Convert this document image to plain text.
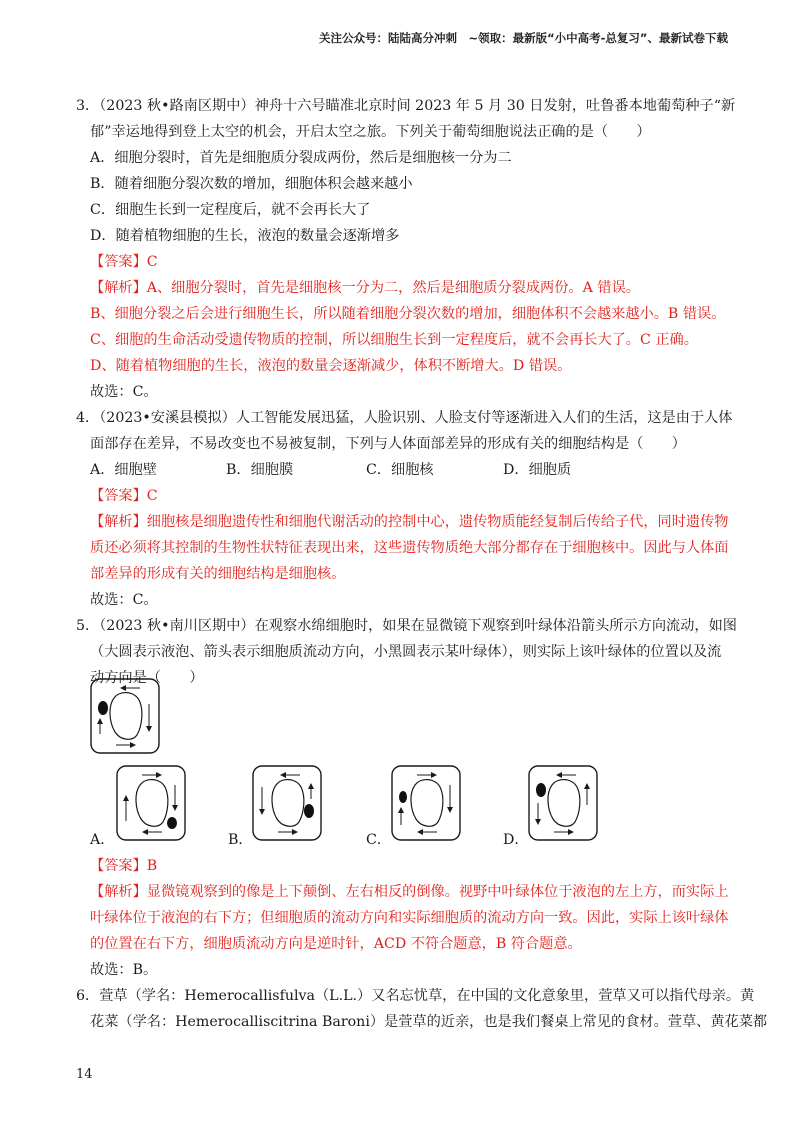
关注公众号：陆陆高分冲刺　~领取：最新版“小中高考-总复习”、最新试卷下载
3．（2023 秋•路南区期中）神舟十六号瞄准北京时间 2023 年 5 月 30 日发射，吐鲁番本地葡萄种子“新
郁”幸运地得到登上太空的机会，开启太空之旅。下列关于葡萄细胞说法正确的是（　　）
A．细胞分裂时，首先是细胞质分裂成两份，然后是细胞核一分为二
B．随着细胞分裂次数的增加，细胞体积会越来越小
C．细胞生长到一定程度后，就不会再长大了
D．随着植物细胞的生长，液泡的数量会逐渐增多
【答案】C
【解析】A、细胞分裂时，首先是细胞核一分为二，然后是细胞质分裂成两份。A 错误。
B、细胞分裂之后会进行细胞生长，所以随着细胞分裂次数的增加，细胞体积不会越来越小。B 错误。
C、细胞的生命活动受遗传物质的控制，所以细胞生长到一定程度后，就不会再长大了。C 正确。
D、随着植物细胞的生长，液泡的数量会逐渐减少，体积不断增大。D 错误。
故选：C。
4．（2023•安溪县模拟）人工智能发展迅猛，人脸识别、人脸支付等逐渐进入人们的生活，这是由于人体
面部存在差异，不易改变也不易被复制，下列与人体面部差异的形成有关的细胞结构是（　　）
A．细胞壁	B．细胞膜	C．细胞核	D．细胞质
【答案】C
【解析】细胞核是细胞遗传性和细胞代谢活动的控制中心，遗传物质能经复制后传给子代，同时遗传物
质还必须将其控制的生物性状特征表现出来，这些遗传物质绝大部分都存在于细胞核中。因此与人体面
部差异的形成有关的细胞结构是细胞核。
故选：C。
5．（2023 秋•南川区期中）在观察水绵细胞时，如果在显微镜下观察到叶绿体沿箭头所示方向流动，如图
（大圆表示液泡、箭头表示细胞质流动方向，小黑圆表示某叶绿体），则实际上该叶绿体的位置以及流
动方向是（　　）
A．	B．	C．	D．
【答案】B
【解析】显微镜观察到的像是上下颠倒、左右相反的倒像。视野中叶绿体位于液泡的左上方，而实际上
叶绿体位于液泡的右下方；但细胞质的流动方向和实际细胞质的流动方向一致。因此，实际上该叶绿体
的位置在右下方，细胞质流动方向是逆时针，ACD 不符合题意，B 符合题意。
故选：B。
6．萱草（学名：Hemerocallisfulva（L.L.）又名忘忧草，在中国的文化意象里，萱草又可以指代母亲。黄
花菜（学名：Hemerocalliscitrina Baroni）是萱草的近亲，也是我们餐桌上常见的食材。萱草、黄花菜都
14
